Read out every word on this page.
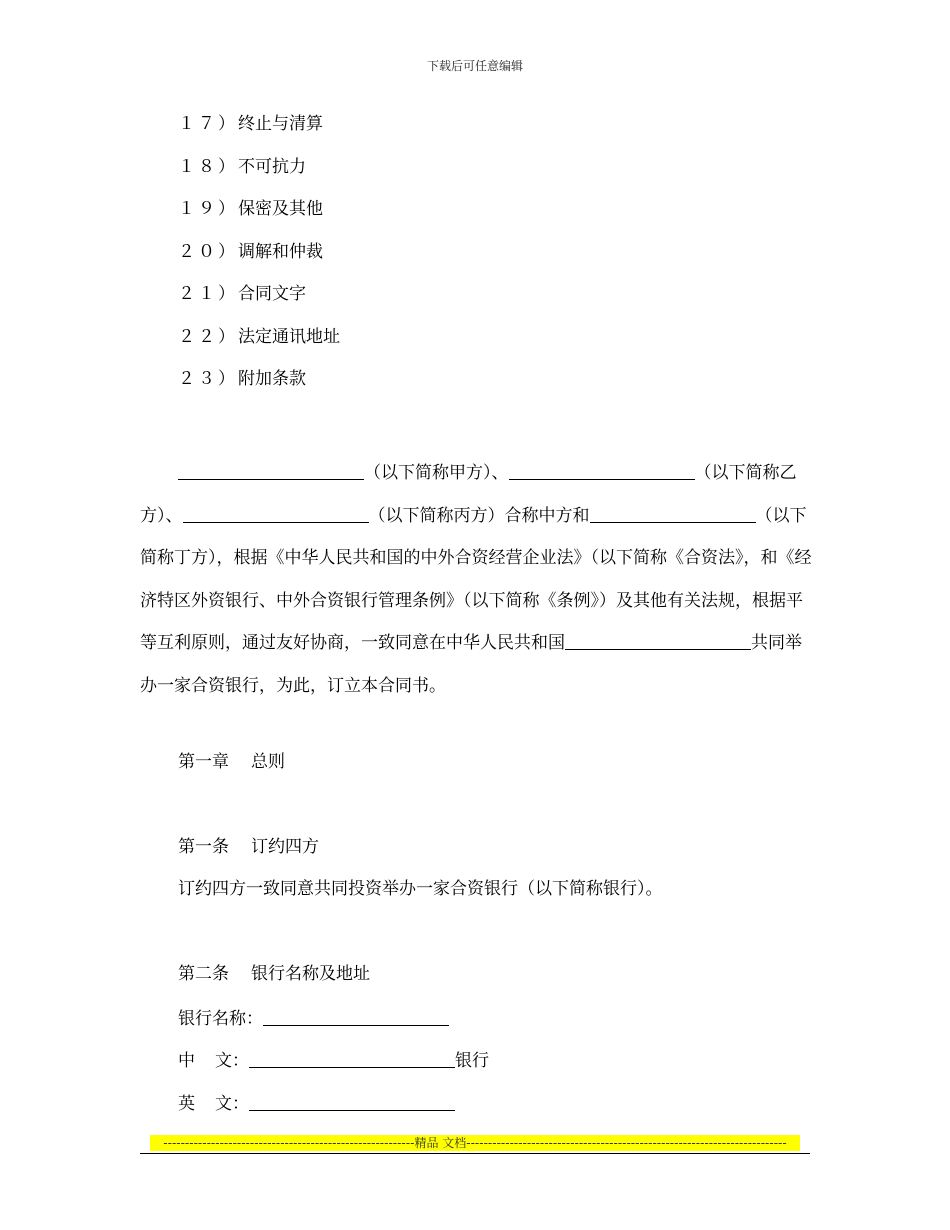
下载后可任意编辑
１７）终止与清算
１８）不可抗力
１９）保密及其他
２０）调解和仲裁
２１）合同文字
２２）法定通讯地址
２３）附加条款

（以下简称甲方）、	（以下简称乙方）、	（以下简称丙方）合称中方和	（以下简称丁方），根据《中华人民共和国的中外合资经营企业法》（以下简称《合资法》，和《经济特区外资银行、中外合资银行管理条例》（以下简称《条例》）及其他有关法规，根据平等互利原则，通过友好协商，一致同意在中华人民共和国	共同举办一家合资银行，为此，订立本合同书。

第一章 总则
第一条 订约四方
订约四方一致同意共同投资举办一家合资银行（以下简称银行）。
第二条 银行名称及地址
银行名称：
中 文：	银行
英 文：
----------------------------------------------------------精品 文档--------------------------------------------------------------------------
